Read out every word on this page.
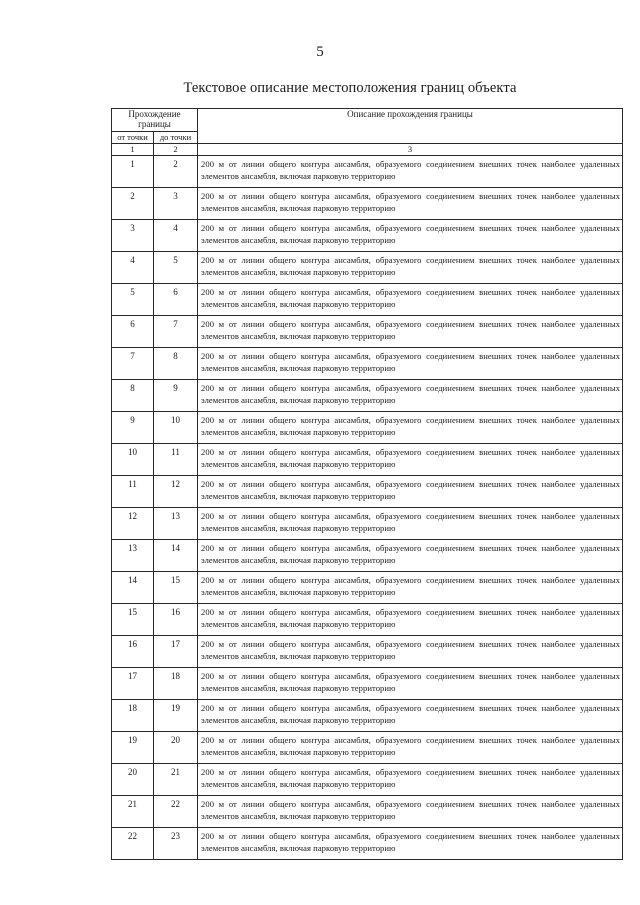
5
Текстовое описание местоположения границ объекта
Прохождение границы		Описание прохождения границы
от точки	до точки	
1	2	3
1	2	200 м от линии общего контура ансамбля, образуемого соединением внешних точек наиболее удаленных элементов ансамбля, включая парковую территорию
2	3	200 м от линии общего контура ансамбля, образуемого соединением внешних точек наиболее удаленных элементов ансамбля, включая парковую территорию
3	4	200 м от линии общего контура ансамбля, образуемого соединением внешних точек наиболее удаленных элементов ансамбля, включая парковую территорию
4	5	200 м от линии общего контура ансамбля, образуемого соединением внешних точек наиболее удаленных элементов ансамбля, включая парковую территорию
5	6	200 м от линии общего контура ансамбля, образуемого соединением внешних точек наиболее удаленных элементов ансамбля, включая парковую территорию
6	7	200 м от линии общего контура ансамбля, образуемого соединением внешних точек наиболее удаленных элементов ансамбля, включая парковую территорию
7	8	200 м от линии общего контура ансамбля, образуемого соединением внешних точек наиболее удаленных элементов ансамбля, включая парковую территорию
8	9	200 м от линии общего контура ансамбля, образуемого соединением внешних точек наиболее удаленных элементов ансамбля, включая парковую территорию
9	10	200 м от линии общего контура ансамбля, образуемого соединением внешних точек наиболее удаленных элементов ансамбля, включая парковую территорию
10	11	200 м от линии общего контура ансамбля, образуемого соединением внешних точек наиболее удаленных элементов ансамбля, включая парковую территорию
11	12	200 м от линии общего контура ансамбля, образуемого соединением внешних точек наиболее удаленных элементов ансамбля, включая парковую территорию
12	13	200 м от линии общего контура ансамбля, образуемого соединением внешних точек наиболее удаленных элементов ансамбля, включая парковую территорию
13	14	200 м от линии общего контура ансамбля, образуемого соединением внешних точек наиболее удаленных элементов ансамбля, включая парковую территорию
14	15	200 м от линии общего контура ансамбля, образуемого соединением внешних точек наиболее удаленных элементов ансамбля, включая парковую территорию
15	16	200 м от линии общего контура ансамбля, образуемого соединением внешних точек наиболее удаленных элементов ансамбля, включая парковую территорию
16	17	200 м от линии общего контура ансамбля, образуемого соединением внешних точек наиболее удаленных элементов ансамбля, включая парковую территорию
17	18	200 м от линии общего контура ансамбля, образуемого соединением внешних точек наиболее удаленных элементов ансамбля, включая парковую территорию
18	19	200 м от линии общего контура ансамбля, образуемого соединением внешних точек наиболее удаленных элементов ансамбля, включая парковую территорию
19	20	200 м от линии общего контура ансамбля, образуемого соединением внешних точек наиболее удаленных элементов ансамбля, включая парковую территорию
20	21	200 м от линии общего контура ансамбля, образуемого соединением внешних точек наиболее удаленных элементов ансамбля, включая парковую территорию
21	22	200 м от линии общего контура ансамбля, образуемого соединением внешних точек наиболее удаленных элементов ансамбля, включая парковую территорию
22	23	200 м от линии общего контура ансамбля, образуемого соединением внешних точек наиболее удаленных элементов ансамбля, включая парковую территорию
